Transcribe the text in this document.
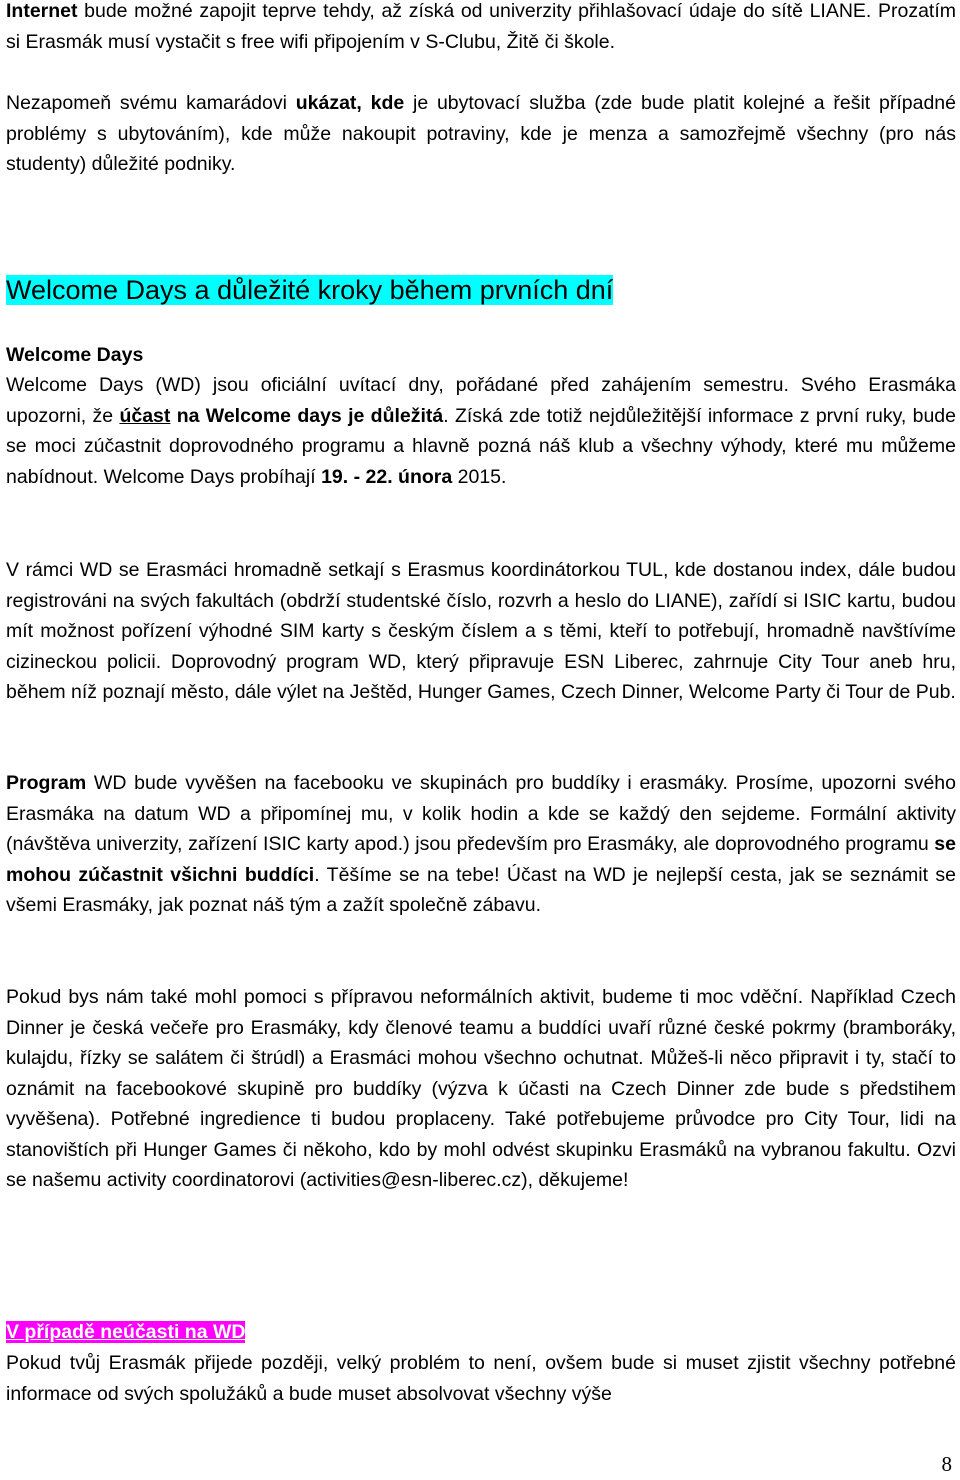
Internet bude možné zapojit teprve tehdy, až získá od univerzity přihlašovací údaje do sítě LIANE. Prozatím si Erasmák musí vystačit s free wifi připojením v S-Clubu, Žitě či škole.

Nezapomeň svému kamarádovi ukázat, kde je ubytovací služba (zde bude platit kolejné a řešit případné problémy s ubytováním), kde může nakoupit potraviny, kde je menza a samozřejmě všechny (pro nás studenty) důležité podniky.

Welcome Days a důležité kroky během prvních dní

Welcome Days

Welcome Days (WD) jsou oficiální uvítací dny, pořádané před zahájením semestru. Svého Erasmáka upozorni, že účast na Welcome days je důležitá. Získá zde totiž nejdůležitější informace z první ruky, bude se moci zúčastnit doprovodného programu a hlavně pozná náš klub a všechny výhody, které mu můžeme nabídnout. Welcome Days probíhají 19. - 22. února 2015.

V rámci WD se Erasmáci hromadně setkají s Erasmus koordinátorkou TUL, kde dostanou index, dále budou registrováni na svých fakultách (obdrží studentské číslo, rozvrh a heslo do LIANE), zařídí si ISIC kartu, budou mít možnost pořízení výhodné SIM karty s českým číslem a s těmi, kteří to potřebují, hromadně navštívíme cizineckou policii. Doprovodný program WD, který připravuje ESN Liberec, zahrnuje City Tour aneb hru, během níž poznají město, dále výlet na Ještěd, Hunger Games, Czech Dinner, Welcome Party či Tour de Pub.

Program WD bude vyvěšen na facebooku ve skupinách pro buddíky i erasmáky. Prosíme, upozorni svého Erasmáka na datum WD a připomínej mu, v kolik hodin a kde se každý den sejdeme. Formální aktivity (návštěva univerzity, zařízení ISIC karty apod.) jsou především pro Erasmáky, ale doprovodného programu se mohou zúčastnit všichni buddíci. Těšíme se na tebe! Účast na WD je nejlepší cesta, jak se seznámit se všemi Erasmáky, jak poznat náš tým a zažít společně zábavu.

Pokud bys nám také mohl pomoci s přípravou neformálních aktivit, budeme ti moc vděční. Například Czech Dinner je česká večeře pro Erasmáky, kdy členové teamu a buddíci uvaří různé české pokrmy (bramboráky, kulajdu, řízky se salátem či štrúdl) a Erasmáci mohou všechno ochutnat. Můžeš-li něco připravit i ty, stačí to oznámit na facebookové skupině pro buddíky (výzva k účasti na Czech Dinner zde bude s předstihem vyvěšena). Potřebné ingredience ti budou proplaceny. Také potřebujeme průvodce pro City Tour, lidi na stanovištích při Hunger Games či někoho, kdo by mohl odvést skupinku Erasmáků na vybranou fakultu. Ozvi se našemu activity coordinatorovi (activities@esn-liberec.cz), děkujeme!

V případě neúčasti na WD

Pokud tvůj Erasmák přijede později, velký problém to není, ovšem bude si muset zjistit všechny potřebné informace od svých spolužáků a bude muset absolvovat všechny výše

8
